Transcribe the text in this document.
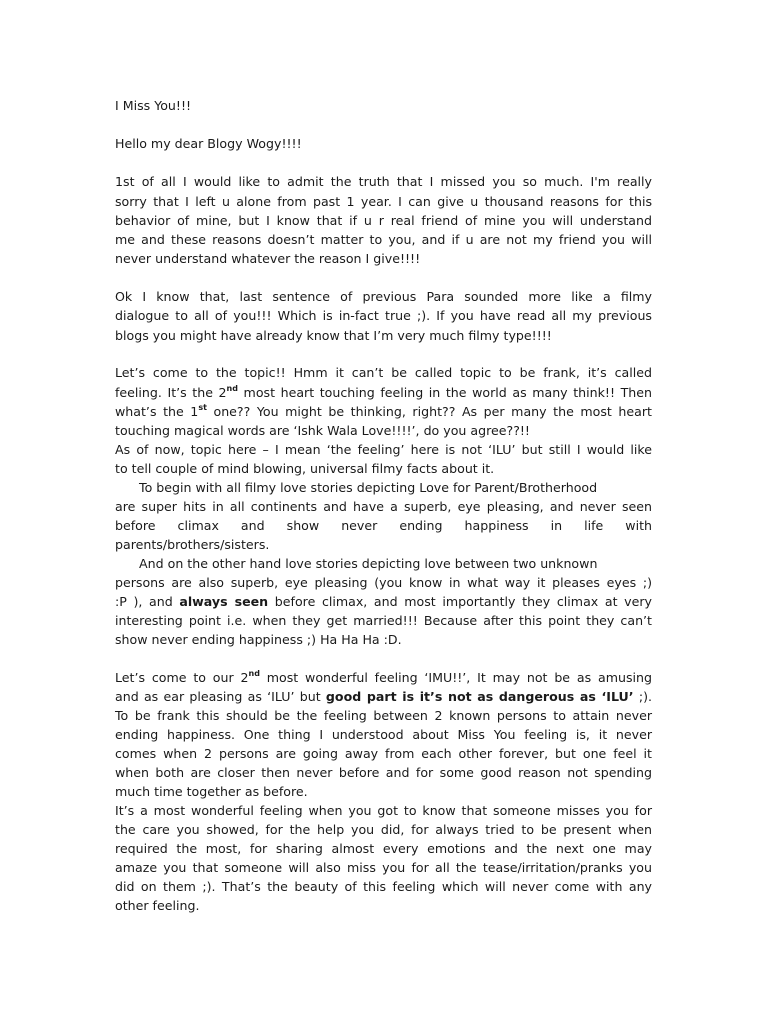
I Miss You!!!
Hello my dear Blogy Wogy!!!!
1st of all I would like to admit the truth that I missed you so much. I'm really
sorry that I left u alone from past 1 year. I can give u thousand reasons for this
behavior of mine, but I know that if u r real friend of mine you will understand
me and these reasons doesn’t matter to you, and if u are not my friend you will
never understand whatever the reason I give!!!!
Ok I know that, last sentence of previous Para sounded more like a filmy
dialogue to all of you!!! Which is in-fact true ;). If you have read all my previous
blogs you might have already know that I’m very much filmy type!!!!
Let’s come to the topic!! Hmm it can’t be called topic to be frank, it’s called
feeling. It’s the 2nd most heart touching feeling in the world as many think!! Then
what’s the 1st one?? You might be thinking, right?? As per many the most heart
touching magical words are ‘Ishk Wala Love!!!!’, do you agree??!!
As of now, topic here – I mean ‘the feeling’ here is not ‘ILU’ but still I would like
to tell couple of mind blowing, universal filmy facts about it.
To begin with all filmy love stories depicting Love for Parent/Brotherhood
are super hits in all continents and have a superb, eye pleasing, and never seen
before climax and show never ending happiness in life with
parents/brothers/sisters.
And on the other hand love stories depicting love between two unknown
persons are also superb, eye pleasing (you know in what way it pleases eyes ;)
:P ), and always seen before climax, and most importantly they climax at very
interesting point i.e. when they get married!!! Because after this point they can’t
show never ending happiness ;) Ha Ha Ha :D.
Let’s come to our 2nd most wonderful feeling ‘IMU!!’, It may not be as amusing
and as ear pleasing as ‘ILU’ but good part is it’s not as dangerous as ‘ILU’ ;).
To be frank this should be the feeling between 2 known persons to attain never
ending happiness. One thing I understood about Miss You feeling is, it never
comes when 2 persons are going away from each other forever, but one feel it
when both are closer then never before and for some good reason not spending
much time together as before.
It’s a most wonderful feeling when you got to know that someone misses you for
the care you showed, for the help you did, for always tried to be present when
required the most, for sharing almost every emotions and the next one may
amaze you that someone will also miss you for all the tease/irritation/pranks you
did on them ;). That’s the beauty of this feeling which will never come with any
other feeling.
